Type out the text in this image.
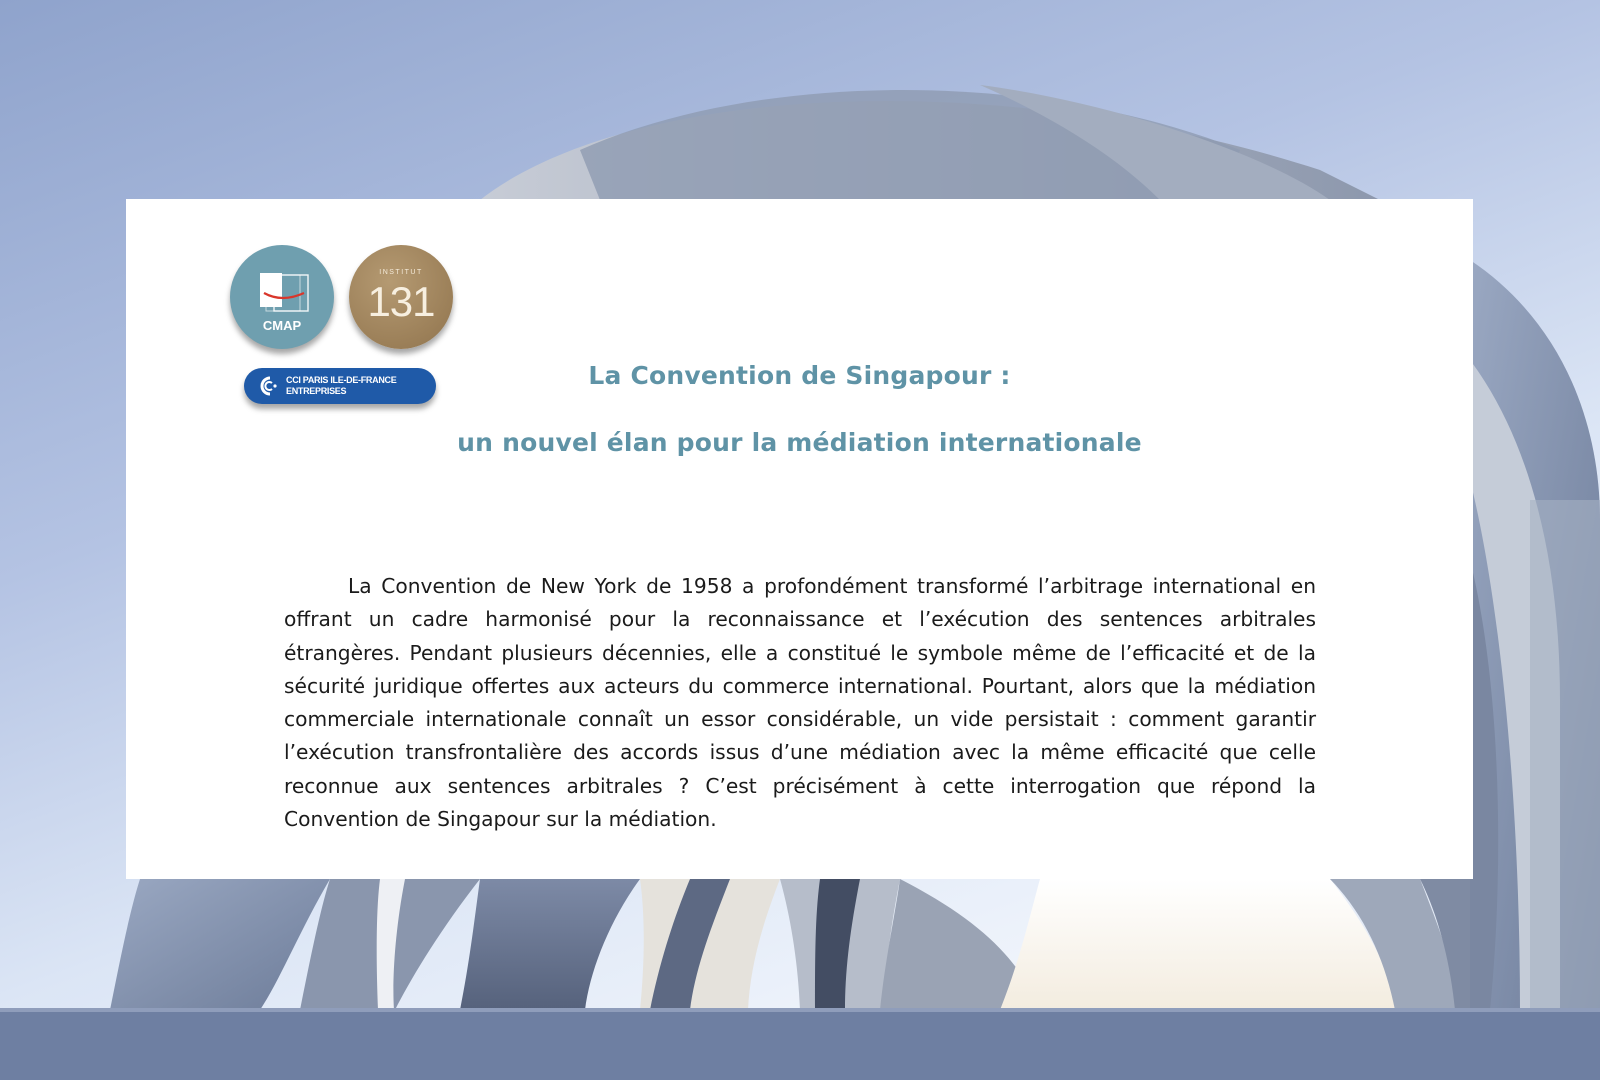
CMAP
INSTITUT
131
CCI PARIS ILE-DE-FRANCE
ENTREPRISES
La Convention de Singapour :
un nouvel élan pour la médiation internationale

La Convention de New York de 1958 a profondément transformé l’arbitrage international en offrant un cadre harmonisé pour la reconnaissance et l’exécution des sentences arbitrales étrangères. Pendant plusieurs décennies, elle a constitué le symbole même de l’efficacité et de la sécurité juridique offertes aux acteurs du commerce international. Pourtant, alors que la médiation commerciale internationale connaît un essor considérable, un vide persistait : comment garantir l’exécution transfrontalière des accords issus d’une médiation avec la même efficacité que celle reconnue aux sentences arbitrales ? C’est précisément à cette interrogation que répond la Convention de Singapour sur la médiation.
